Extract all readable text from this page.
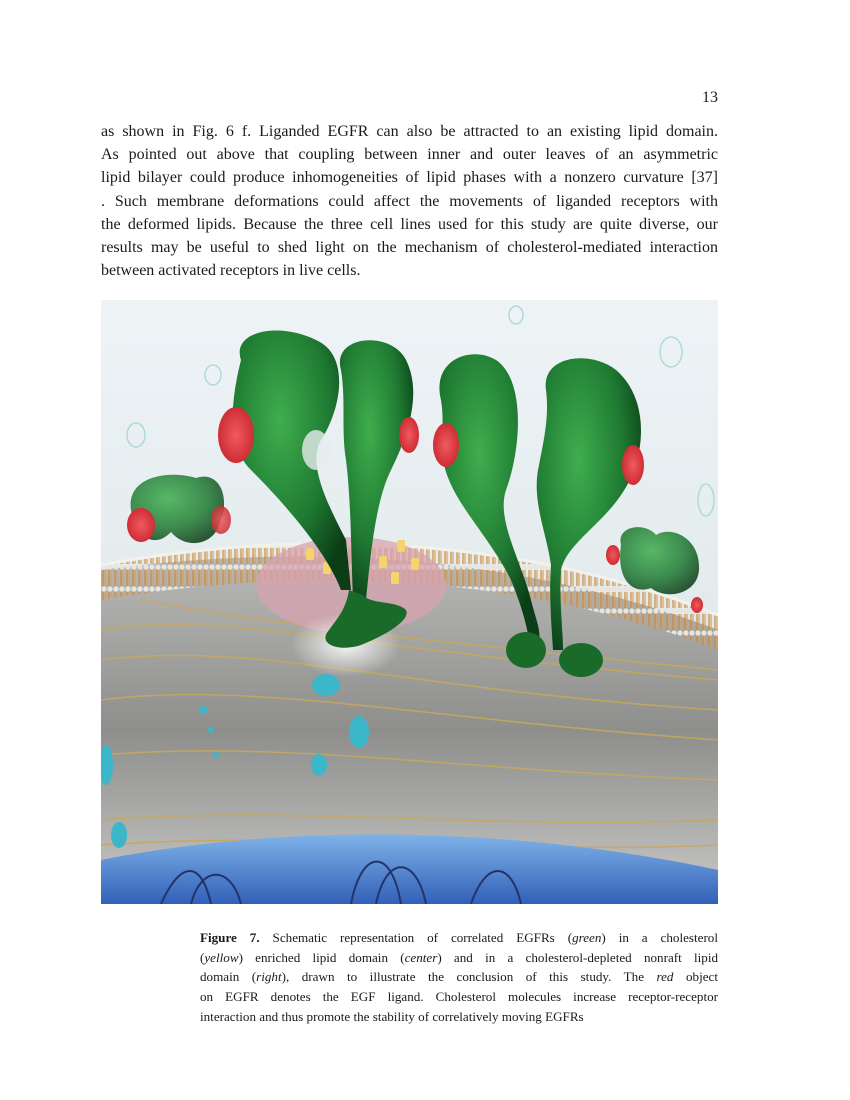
13
as shown in Fig. 6 f. Liganded EGFR can also be attracted to an existing lipid domain.
As pointed out above that coupling between inner and outer leaves of an asymmetric
lipid bilayer could produce inhomogeneities of lipid phases with a nonzero curvature [37]
. Such membrane deformations could affect the movements of liganded receptors with
the deformed lipids. Because the three cell lines used for this study are quite diverse, our
results may be useful to shed light on the mechanism of cholesterol-mediated interaction
between activated receptors in live cells.
Figure 7. Schematic representation of correlated EGFRs (green) in a cholesterol
(yellow) enriched lipid domain (center) and in a cholesterol-depleted nonraft lipid
domain (right), drawn to illustrate the conclusion of this study. The red object
on EGFR denotes the EGF ligand. Cholesterol molecules increase receptor-receptor
interaction and thus promote the stability of correlatively moving EGFRs
